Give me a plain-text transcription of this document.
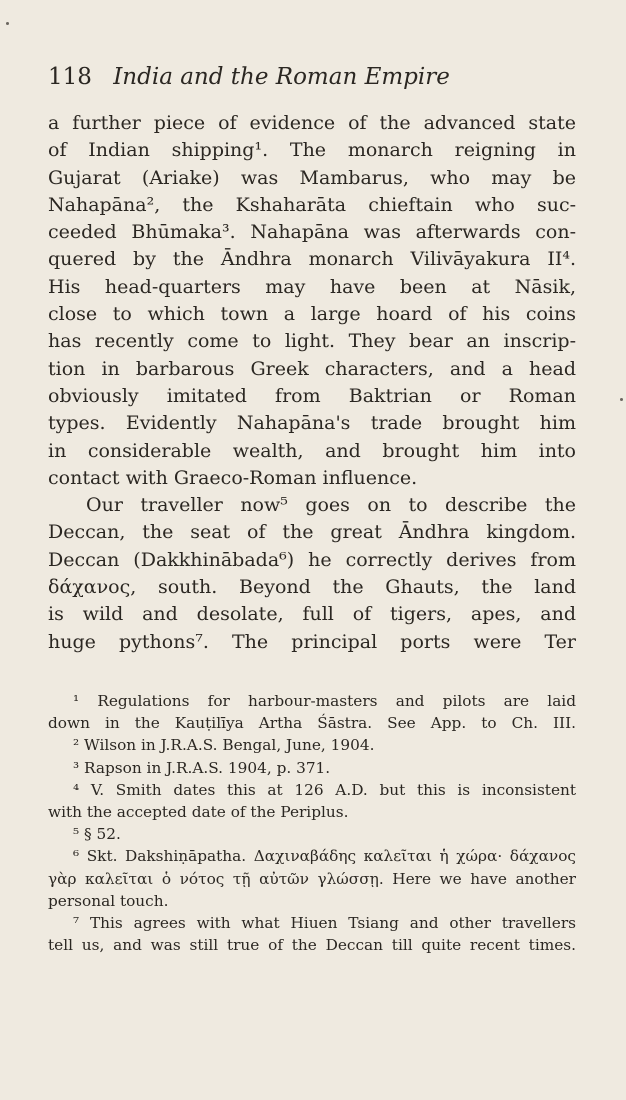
118 India and the Roman Empire
a further piece of evidence of the advanced state
of Indian shipping¹. The monarch reigning in
Gujarat (Ariake) was Mambarus, who may be
Nahapāna², the Kshaharāta chieftain who suc-
ceeded Bhūmaka³. Nahapāna was afterwards con-
quered by the Āndhra monarch Vilivāyakura II⁴.
His head-quarters may have been at Nāsik,
close to which town a large hoard of his coins
has recently come to light. They bear an inscrip-
tion in barbarous Greek characters, and a head
obviously imitated from Baktrian or Roman
types. Evidently Nahapāna's trade brought him
in considerable wealth, and brought him into
contact with Graeco-Roman influence.
Our traveller now⁵ goes on to describe the
Deccan, the seat of the great Āndhra kingdom.
Deccan (Dakkhinābada⁶) he correctly derives from
δάχανος, south. Beyond the Ghauts, the land
is wild and desolate, full of tigers, apes, and
huge pythons⁷. The principal ports were Ter
¹ Regulations for harbour-masters and pilots are laid
down in the Kauṭilīya Artha Śāstra. See App. to Ch. III.
² Wilson in J.R.A.S. Bengal, June, 1904.
³ Rapson in J.R.A.S. 1904, p. 371.
⁴ V. Smith dates this at 126 A.D. but this is inconsistent
with the accepted date of the Periplus.
⁵ § 52.
⁶ Skt. Dakshiṇāpatha. Δαχιναβάδης καλεῖται ἡ χώρα· δάχανος
γὰρ καλεῖται ὁ νότος τῇ αὐτῶν γλώσσῃ. Here we have another
personal touch.
⁷ This agrees with what Hiuen Tsiang and other travellers
tell us, and was still true of the Deccan till quite recent times.
